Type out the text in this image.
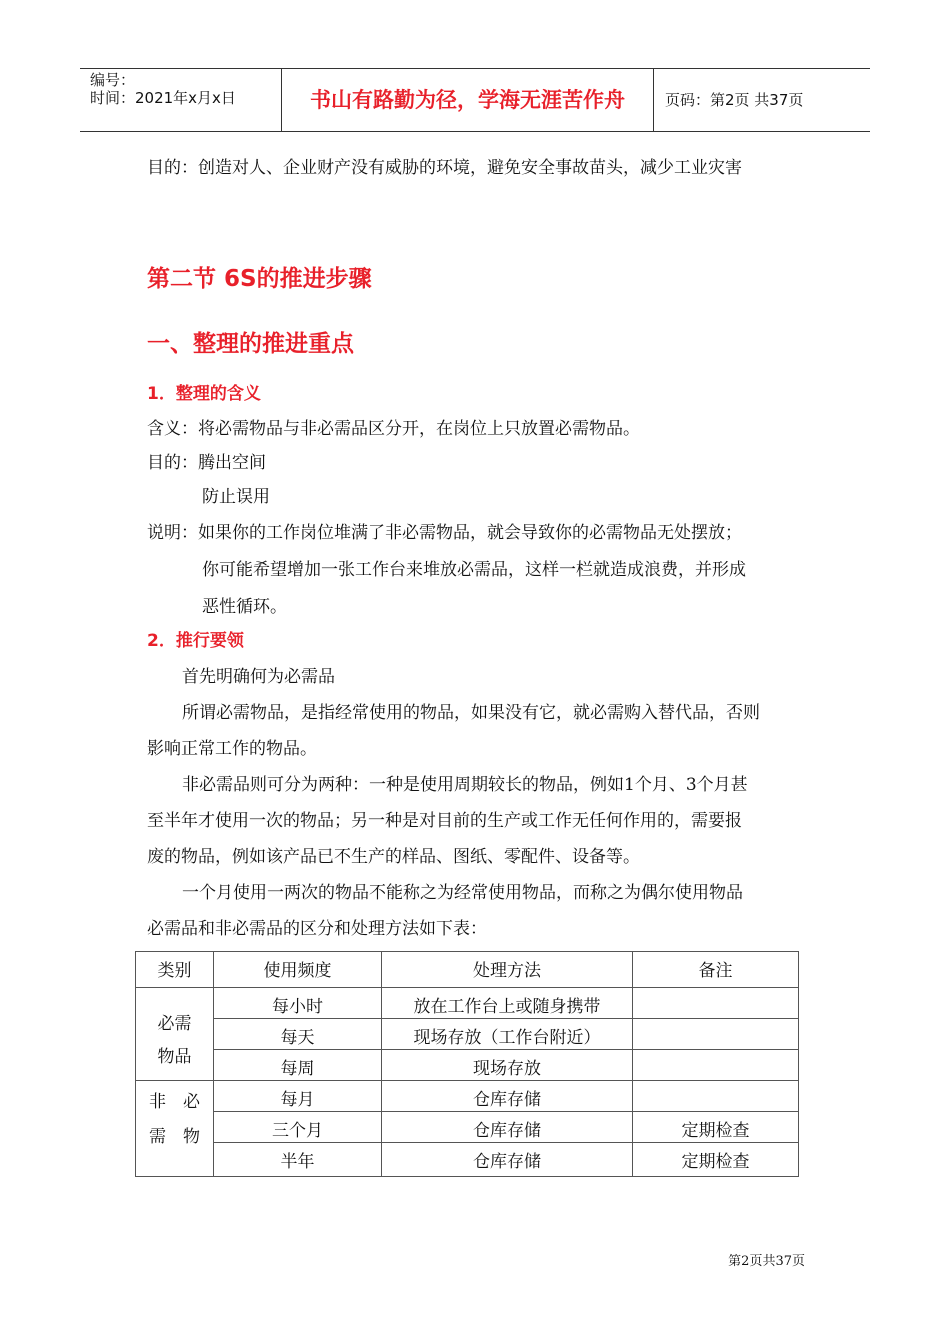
编号：
时间：2021年x月x日	书山有路勤为径，学海无涯苦作舟	页码：第2页 共37页
目的：创造对人、企业财产没有威胁的环境，避免安全事故苗头，减少工业灾害
第二节 6S的推进步骤
一、整理的推进重点
1．整理的含义
含义：将必需物品与非必需品区分开，在岗位上只放置必需物品。
目的：腾出空间
防止误用
说明：如果你的工作岗位堆满了非必需物品，就会导致你的必需物品无处摆放；
你可能希望增加一张工作台来堆放必需品，这样一栏就造成浪费，并形成
恶性循环。
2．推行要领
首先明确何为必需品
所谓必需物品，是指经常使用的物品，如果没有它，就必需购入替代品，否则
影响正常工作的物品。
非必需品则可分为两种：一种是使用周期较长的物品，例如1个月、3个月甚
至半年才使用一次的物品；另一种是对目前的生产或工作无任何作用的，需要报
废的物品，例如该产品已不生产的样品、图纸、零配件、设备等。
一个月使用一两次的物品不能称之为经常使用物品，而称之为偶尔使用物品
必需品和非必需品的区分和处理方法如下表：
类别	使用频度	处理方法	备注

必需
物品	每小时	放在工作台上或随身携带	
	每天	现场存放（工作台附近）	
	每周	现场存放	

非　必
需　物	每月	仓库存储	
	三个月	仓库存储	定期检查
	半年	仓库存储	定期检查
第2页共37页
